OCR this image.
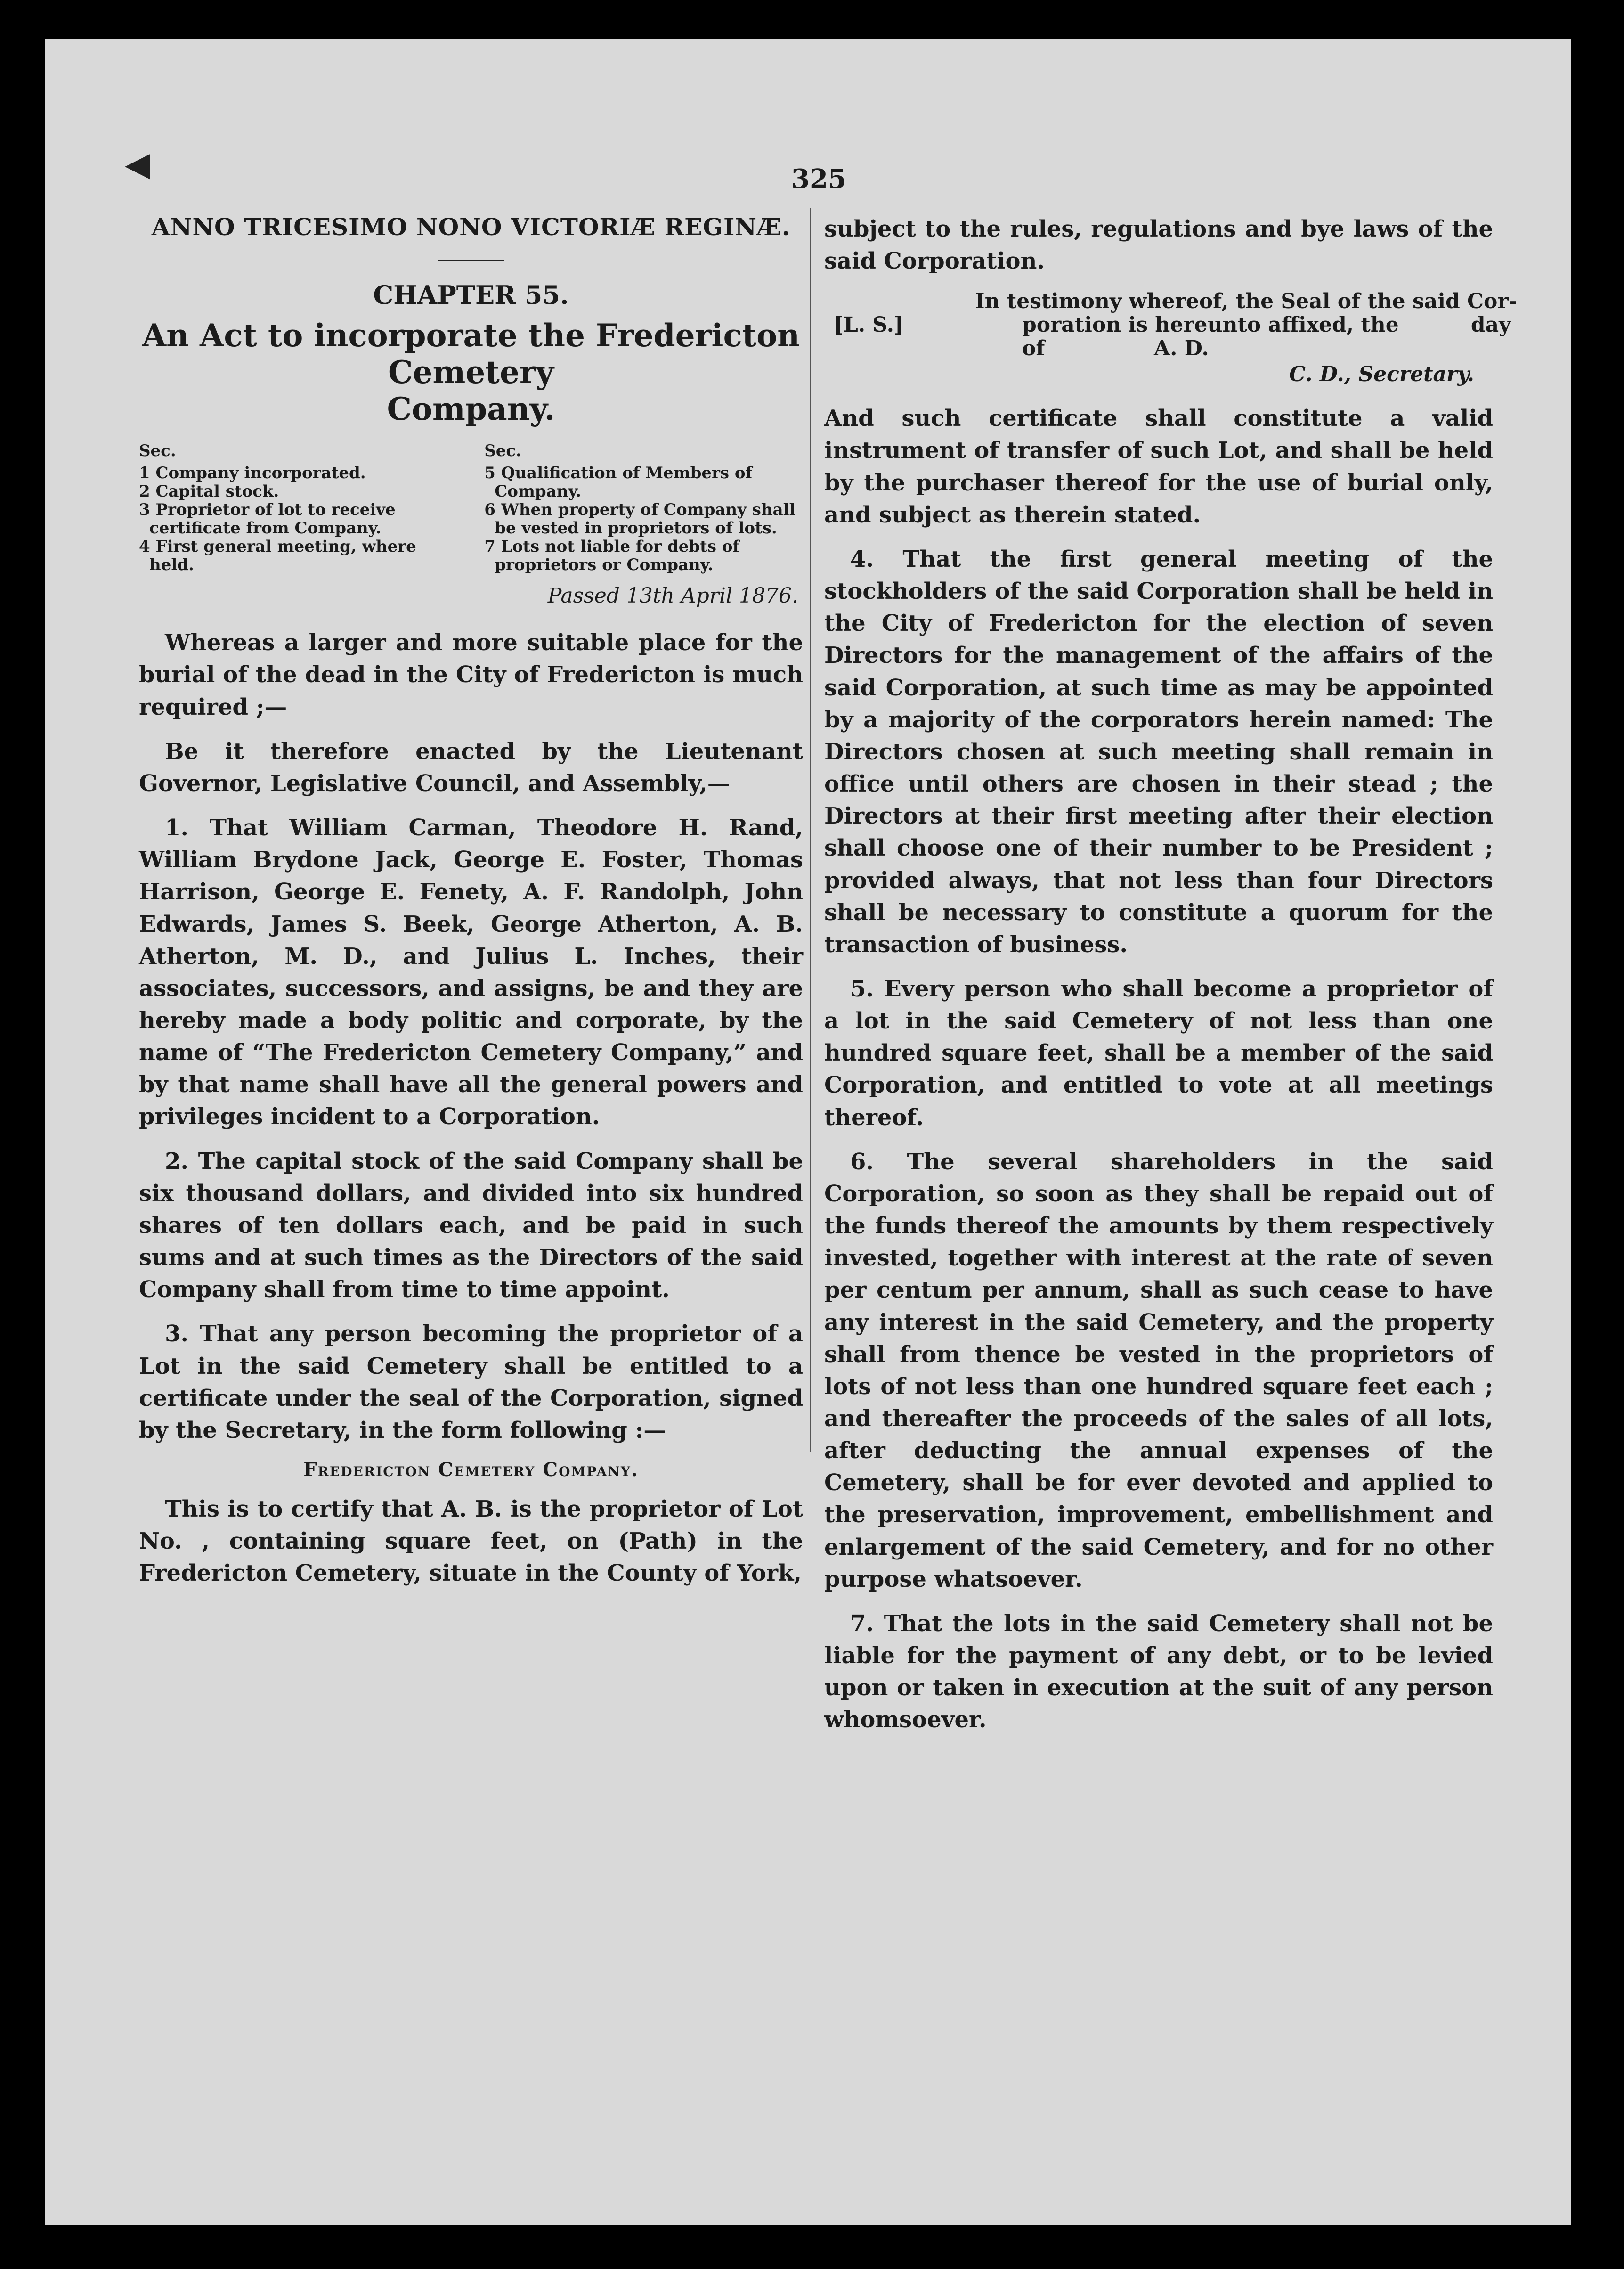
◀	325
ANNO TRICESIMO NONO VICTORIÆ REGINÆ.
CHAPTER 55.
An Act to incorporate the Fredericton Cemetery
Company.
Sec.
1 Company incorporated.
2 Capital stock.
3 Proprietor of lot to receive certificate from Company.
4 First general meeting, where held.
Sec.
5 Qualification of Members of Company.
6 When property of Company shall be vested in proprietors of lots.
7 Lots not liable for debts of proprietors or Company.
Passed 13th April 1876.

Whereas a larger and more suitable place for the burial of the dead in the City of Fredericton is much required ;—

Be it therefore enacted by the Lieutenant Governor, Legislative Council, and Assembly,—

1. That William Carman, Theodore H. Rand, William Brydone Jack, George E. Foster, Thomas Harrison, George E. Fenety, A. F. Randolph, John Edwards, James S. Beek, George Atherton, A. B. Atherton, M. D., and Julius L. Inches, their associates, successors, and assigns, be and they are hereby made a body politic and corporate, by the name of “The Fredericton Cemetery Company,” and by that name shall have all the general powers and privileges incident to a Corporation.

2. The capital stock of the said Company shall be six thousand dollars, and divided into six hundred shares of ten dollars each, and be paid in such sums and at such times as the Directors of the said Company shall from time to time appoint.

3. That any person becoming the proprietor of a Lot in the said Cemetery shall be entitled to a certificate under the seal of the Corporation, signed by the Secretary, in the form following :—

Fredericton Cemetery Company.

This is to certify that A. B. is the proprietor of Lot No. , containing square feet, on (Path) in the Fredericton Cemetery, situate in the County of York,

subject to the rules, regulations and bye laws of the said Corporation.

In testimony whereof, the Seal of the said Cor-
[L. S.]	poration is hereunto affixed, the          day
of	A. D.
C. D., Secretary.

And such certificate shall constitute a valid instrument of transfer of such Lot, and shall be held by the purchaser thereof for the use of burial only, and subject as therein stated.

4. That the first general meeting of the stockholders of the said Corporation shall be held in the City of Fredericton for the election of seven Directors for the management of the affairs of the said Corporation, at such time as may be appointed by a majority of the corporators herein named: The Directors chosen at such meeting shall remain in office until others are chosen in their stead ; the Directors at their first meeting after their election shall choose one of their number to be President ; provided always, that not less than four Directors shall be necessary to constitute a quorum for the transaction of business.

5. Every person who shall become a proprietor of a lot in the said Cemetery of not less than one hundred square feet, shall be a member of the said Corporation, and entitled to vote at all meetings thereof.

6. The several shareholders in the said Corporation, so soon as they shall be repaid out of the funds thereof the amounts by them respectively invested, together with interest at the rate of seven per centum per annum, shall as such cease to have any interest in the said Cemetery, and the property shall from thence be vested in the proprietors of lots of not less than one hundred square feet each ; and thereafter the proceeds of the sales of all lots, after deducting the annual expenses of the Cemetery, shall be for ever devoted and applied to the preservation, improvement, embellishment and enlargement of the said Cemetery, and for no other purpose whatsoever.

7. That the lots in the said Cemetery shall not be liable for the payment of any debt, or to be levied upon or taken in execution at the suit of any person whomsoever.
